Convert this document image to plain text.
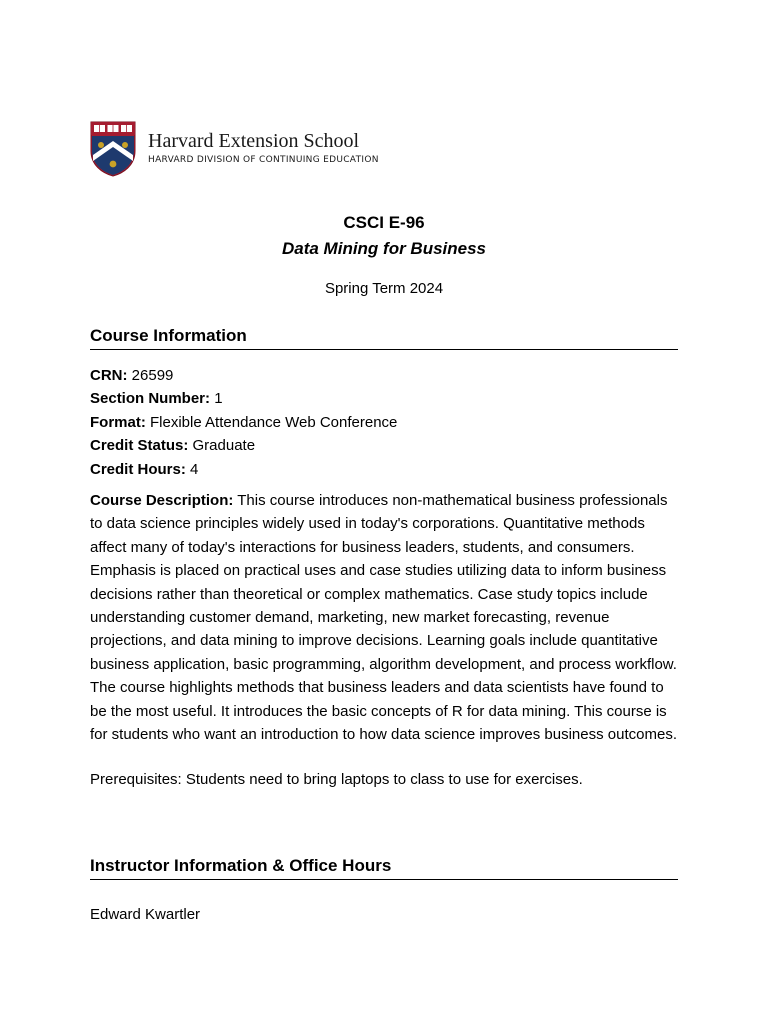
Harvard Extension School
HARVARD DIVISION OF CONTINUING EDUCATION
CSCI E-96
Data Mining for Business
Spring Term 2024
Course Information
CRN: 26599
Section Number: 1
Format: Flexible Attendance Web Conference
Credit Status: Graduate
Credit Hours: 4
Course Description: This course introduces non-mathematical business professionals to data science principles widely used in today's corporations. Quantitative methods affect many of today's interactions for business leaders, students, and consumers. Emphasis is placed on practical uses and case studies utilizing data to inform business decisions rather than theoretical or complex mathematics. Case study topics include understanding customer demand, marketing, new market forecasting, revenue projections, and data mining to improve decisions. Learning goals include quantitative business application, basic programming, algorithm development, and process workflow. The course highlights methods that business leaders and data scientists have found to be the most useful. It introduces the basic concepts of R for data mining. This course is for students who want an introduction to how data science improves business outcomes.
Prerequisites: Students need to bring laptops to class to use for exercises.
Instructor Information & Office Hours
Edward Kwartler
